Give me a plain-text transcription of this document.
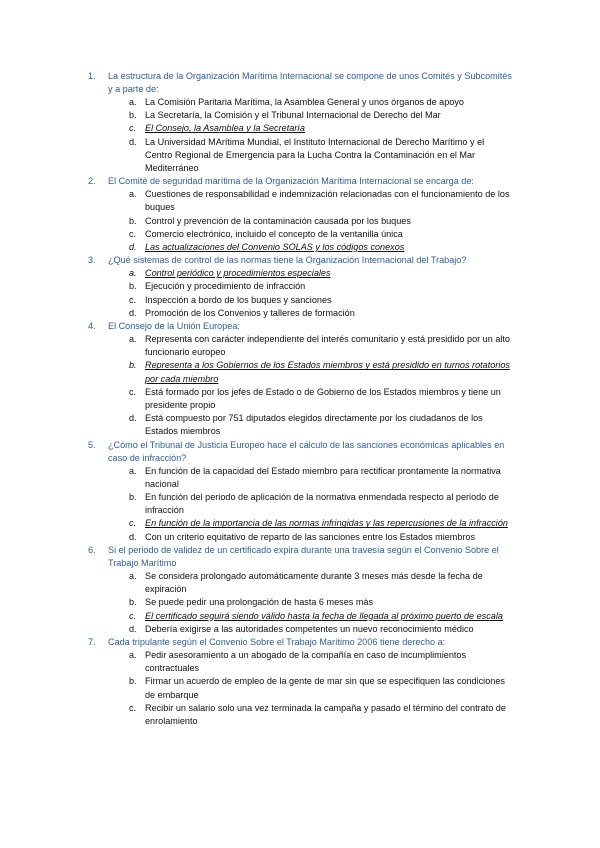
1. La estructura de la Organización Marítima Internacional se compone de unos Comités y Subcomités y a parte de:
a. La Comisión Paritaria Marítima, la Asamblea General y unos órganos de apoyo
b. La Secretaría, la Comisión y el Tribunal Internacional de Derecho del Mar
c. El Consejo, la Asamblea y la Secretaría
d. La Universidad MArítima Mundial, el Instituto Internacional de Derecho Marítimo y el Centro Regional de Emergencia para la Lucha Contra la Contaminación en el Mar Mediterráneo
2. El Comité de seguridad marítima de la Organización Marítima Internacional se encarga de:
a. Cuestiones de responsabilidad e indemnización relacionadas con el funcionamiento de los buques
b. Control y prevención de la contaminación causada por los buques
c. Comercio electrónico, incluido el concepto de la ventanilla única
d. Las actualizaciones del Convenio SOLAS y los códigos conexos
3. ¿Qué sistemas de control de las normas tiene la Organización Internacional del Trabajo?
a. Control periódico y procedimientos especiales
b. Ejecución y procedimiento de infracción
c. Inspección a bordo de los buques y sanciones
d. Promoción de los Convenios y talleres de formación
4. El Consejo de la Unión Europea:
a. Representa con carácter independiente del interés comunitario y está presidido por un alto funcionario europeo
b. Representa a los Gobiernos de los Estados miembros y está presidido en turnos rotatorios por cada miembro
c. Está formado por los jefes de Estado o de Gobierno de los Estados miembros y tiene un presidente propio
d. Está compuesto por 751 diputados elegidos directamente por los ciudadanos de los Estados miembros
5. ¿Cómo el Tribunal de Justicia Europeo hace el cálculo de las sanciones económicas aplicables en caso de infracción?
a. En función de la capacidad del Estado miembro para rectificar prontamente la normativa nacional
b. En función del periodo de aplicación de la normativa enmendada respecto al periodo de infracción
c. En función de la importancia de las normas infringidas y las repercusiones de la infracción
d. Con un criterio equitativo de reparto de las sanciones entre los Estados miembros
6. Si el periodo de validez de un certificado expira durante una travesía según el Convenio Sobre el Trabajo Marítimo
a. Se considera prolongado automáticamente durante 3 meses más desde la fecha de expiración
b. Se puede pedir una prolongación de hasta 6 meses más
c. El certificado seguirá siendo válido hasta la fecha de llegada al próximo puerto de escala
d. Debería exigirse a las autoridades competentes un nuevo reconocimiento médico
7. Cada tripulante según el Convenio Sobre el Trabajo Marítimo 2006 tiene derecho a:
a. Pedir asesoramiento a un abogado de la compañía en caso de incumplimientos contractuales
b. Firmar un acuerdo de empleo de la gente de mar sin que se especifiquen las condiciones de embarque
c. Recibir un salario solo una vez terminada la campaña y pasado el término del contrato de enrolamiento
